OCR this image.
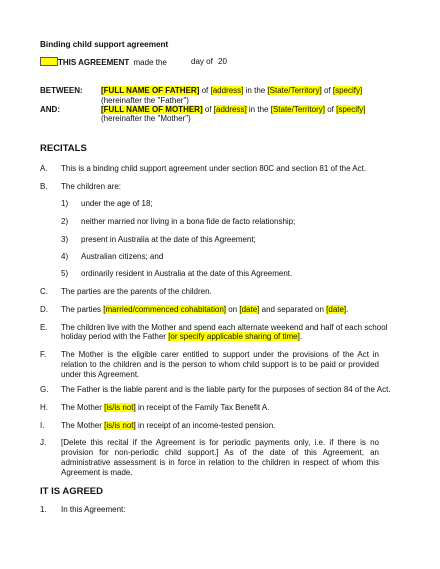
Binding child support agreement
THIS AGREEMENT made the	day of 20
BETWEEN: [FULL NAME OF FATHER] of [address] in the [State/Territory] of [specify]
(hereinafter the "Father")
AND:	[FULL NAME OF MOTHER] of [address] in the [State/Territory] of [specify]
(hereinafter the "Mother")
RECITALS
A. This is a binding child support agreement under section 80C and section 81 of the Act.
B. The children are:
1) under the age of 18;
2) neither married nor living in a bona fide de facto relationship;
3) present in Australia at the date of this Agreement;
4) Australian citizens; and
5) ordinarily resident in Australia at the date of this Agreement.
C. The parties are the parents of the children.
D. The parties [married/commenced cohabitation] on [date] and separated on [date].
E. The children live with the Mother and spend each alternate weekend and half of each school
holiday period with the Father [or specify applicable sharing of time].
F. The Mother is the eligible carer entitled to support under the provisions of the Act in relation to the children and is the person to whom child support is to be paid or provided under this Agreement.
G. The Father is the liable parent and is the liable party for the purposes of section 84 of the Act.
H. The Mother [is/is not] in receipt of the Family Tax Benefit A.
I. The Mother [is/is not] in receipt of an income-tested pension.
J. [Delete this recital if the Agreement is for periodic payments only, i.e. if there is no provision for non-periodic child support.] As of the date of this Agreement, an administrative assessment is in force in relation to the children in respect of whom this Agreement is made.
IT IS AGREED
1. In this Agreement:
